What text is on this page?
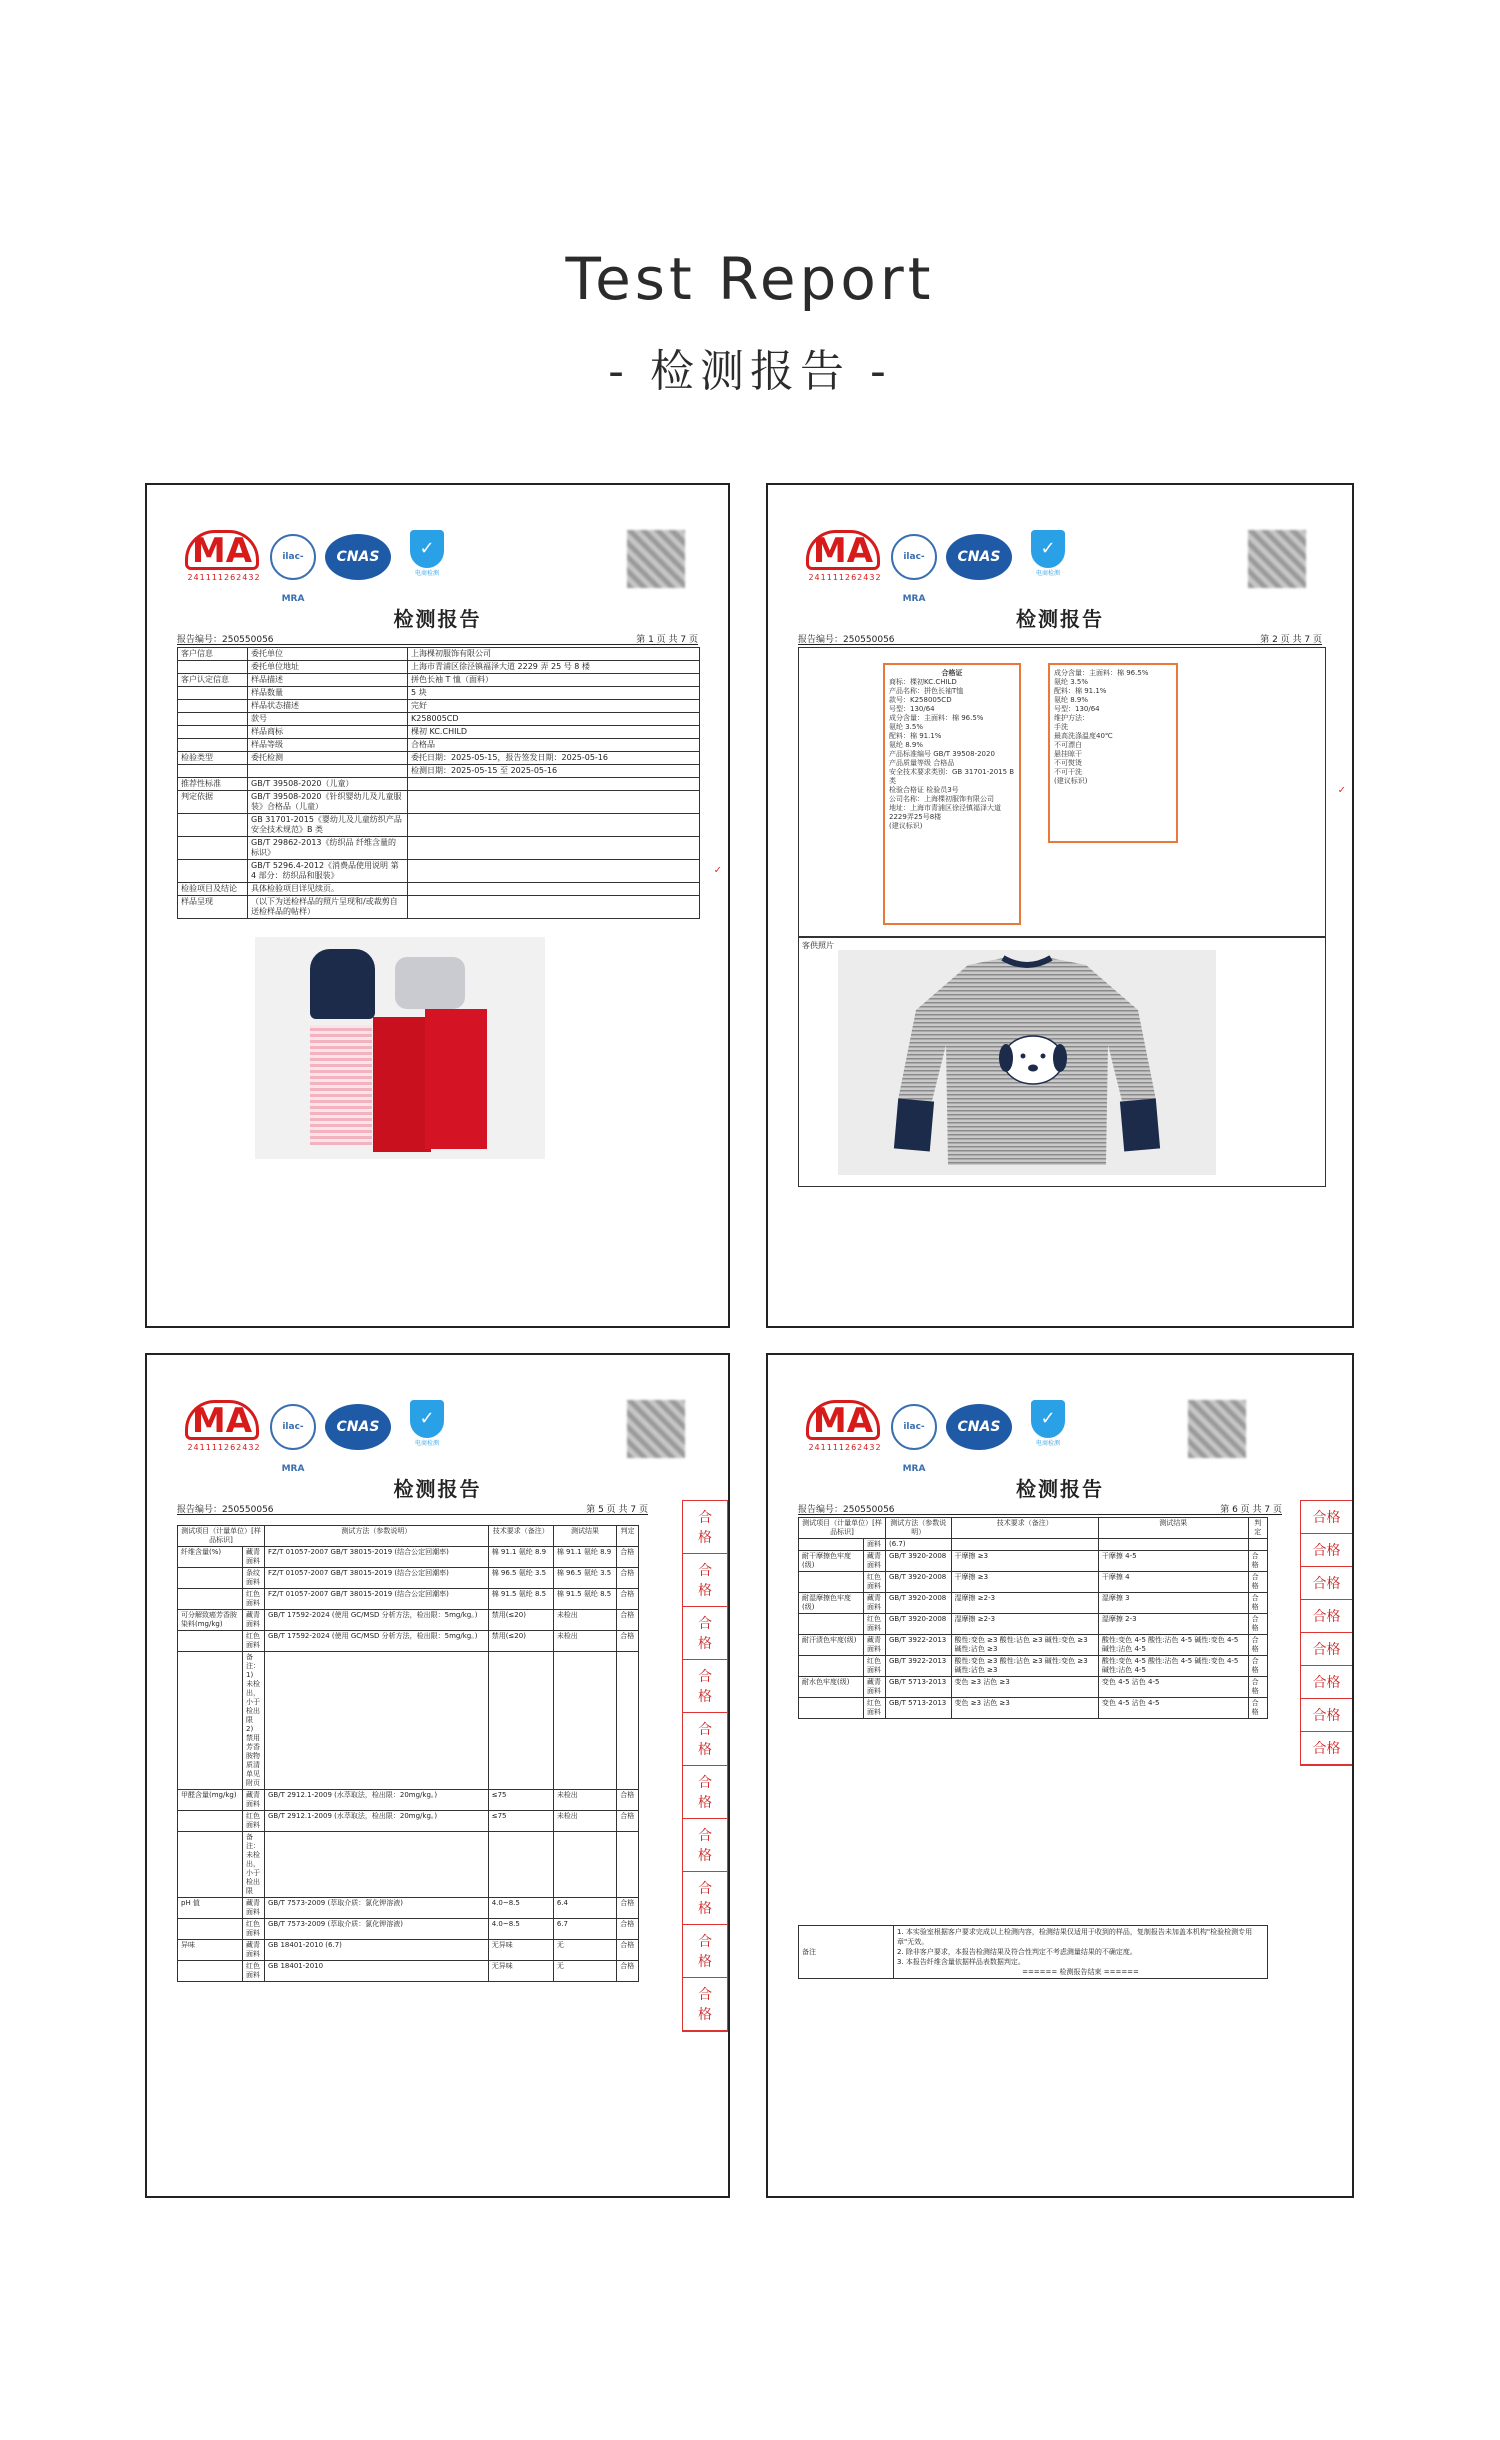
Test Report
- 检测报告 -
MA
241111262432
ilac-MRA
CNAS	✓
电商检测
检测报告
报告编号：250550056	第 1 页 共 7 页
客户信息	委托单位	上海棵初服饰有限公司
	委托单位地址	上海市青浦区徐泾镇福泽大道 2229 弄 25 号 8 楼
客户认定信息	样品描述	拼色长袖 T 恤（面料）
	样品数量	5 块
	样品状态描述	完好
	款号	K258005CD
	样品商标	棵初 KC.CHILD
	样品等级	合格品
检验类型	委托检测	委托日期：2025-05-15，报告签发日期：2025-05-16
		检测日期：2025-05-15 至 2025-05-16
推荐性标准	GB/T 39508-2020（儿童）	
判定依据	GB/T 39508-2020《针织婴幼儿及儿童服装》合格品（儿童）	
	GB 31701-2015《婴幼儿及儿童纺织产品安全技术规范》B 类	
	GB/T 29862-2013《纺织品 纤维含量的标识》	
	GB/T 5296.4-2012《消费品使用说明 第 4 部分：纺织品和服装》	
检验项目及结论	具体检验项目详见续页。	
样品呈现	（以下为送检样品的照片呈现和/或裁剪自送检样品的帖样）	
✓
MA
241111262432
ilac-MRA
CNAS	✓
电商检测
检测报告
报告编号：250550056	第 2 页 共 7 页
合格证
商标：棵初KC.CHILD
产品名称：拼色长袖T恤
款号：K258005CD
号型：130/64
成分含量：主面料：棉 96.5%
氨纶 3.5%
配料：棉 91.1%
氨纶 8.9%
产品标准编号 GB/T 39508-2020
产品质量等级 合格品
安全技术要求类别：GB 31701-2015 B类
检验合格证 检验员3号
公司名称：上海棵初服饰有限公司
地址：上海市青浦区徐泾镇福泽大道2229弄25号8楼
(建议标识)
成分含量：主面料：棉 96.5%
氨纶 3.5%
配料：棉 91.1%
氨纶 8.9%
号型：130/64
维护方法：
手洗
最高洗涤温度40℃
不可漂白
悬挂晾干
不可熨烫
不可干洗
(建议标识)
客供照片
✓
MA
241111262432
ilac-MRA
CNAS	✓
电商检测
检测报告
报告编号：250550056	第 5 页 共 7 页
测试项目（计量单位）[样品标识]		测试方法（参数说明）	技术要求（备注）	测试结果	判定
纤维含量(%)	藏青面料	FZ/T 01057-2007 GB/T 38015-2019 (结合公定回潮率)	棉 91.1 氨纶 8.9	棉 91.1 氨纶 8.9	合格
	条纹面料	FZ/T 01057-2007 GB/T 38015-2019 (结合公定回潮率)	棉 96.5 氨纶 3.5	棉 96.5 氨纶 3.5	合格
	红色面料	FZ/T 01057-2007 GB/T 38015-2019 (结合公定回潮率)	棉 91.5 氨纶 8.5	棉 91.5 氨纶 8.5	合格
可分解致癌芳香胺染料(mg/kg)	藏青面料	GB/T 17592-2024 (使用 GC/MSD 分析方法，检出限：5mg/kg。)	禁用(≤20)	未检出	合格
	红色面料	GB/T 17592-2024 (使用 GC/MSD 分析方法，检出限：5mg/kg。)	禁用(≤20)	未检出	合格
	备注：1) 未检出，小于检出限 2) 禁用芳香胺物质清单见附页				
甲醛含量(mg/kg)	藏青面料	GB/T 2912.1-2009 (水萃取法，检出限：20mg/kg。)	≤75	未检出	合格
	红色面料	GB/T 2912.1-2009 (水萃取法，检出限：20mg/kg。)	≤75	未检出	合格
	备注：未检出，小于检出限				
pH 值	藏青面料	GB/T 7573-2009 (萃取介质：氯化钾溶液)	4.0~8.5	6.4	合格
	红色面料	GB/T 7573-2009 (萃取介质：氯化钾溶液)	4.0~8.5	6.7	合格
异味	藏青面料	GB 18401-2010 (6.7)	无异味	无	合格
	红色面料	GB 18401-2010	无异味	无	合格
合格
合格
合格
合格
合格
合格
合格
合格
合格
合格
MA
241111262432
ilac-MRA
CNAS	✓
电商检测
检测报告
报告编号：250550056	第 6 页 共 7 页
测试项目（计量单位）[样品标识]		测试方法（参数说明）	技术要求（备注）	测试结果	判定
	面料	(6.7)			
耐干摩擦色牢度(级)	藏青面料	GB/T 3920-2008	干摩擦 ≥3	干摩擦 4-5	合格
	红色面料	GB/T 3920-2008	干摩擦 ≥3	干摩擦 4	合格
耐湿摩擦色牢度(级)	藏青面料	GB/T 3920-2008	湿摩擦 ≥2-3	湿摩擦 3	合格
	红色面料	GB/T 3920-2008	湿摩擦 ≥2-3	湿摩擦 2-3	合格
耐汗渍色牢度(级)	藏青面料	GB/T 3922-2013	酸性:变色 ≥3 酸性:沾色 ≥3 碱性:变色 ≥3 碱性:沾色 ≥3	酸性:变色 4-5 酸性:沾色 4-5 碱性:变色 4-5 碱性:沾色 4-5	合格
	红色面料	GB/T 3922-2013	酸性:变色 ≥3 酸性:沾色 ≥3 碱性:变色 ≥3 碱性:沾色 ≥3	酸性:变色 4-5 酸性:沾色 4-5 碱性:变色 4-5 碱性:沾色 4-5	合格
耐水色牢度(级)	藏青面料	GB/T 5713-2013	变色 ≥3 沾色 ≥3	变色 4-5 沾色 4-5	合格
	红色面料	GB/T 5713-2013	变色 ≥3 沾色 ≥3	变色 4-5 沾色 4-5	合格
备注	
1. 本实验室根据客户要求完成以上检测内容，检测结果仅适用于收到的样品，复制报告未加盖本机构"检验检测专用章"无效。
2. 除非客户要求，本报告检测结果及符合性判定不考虑测量结果的不确定度。
3. 本报告纤维含量依据样品表数据判定。
====== 检测报告结束 ======
合格
合格
合格
合格
合格
合格
合格
合格
